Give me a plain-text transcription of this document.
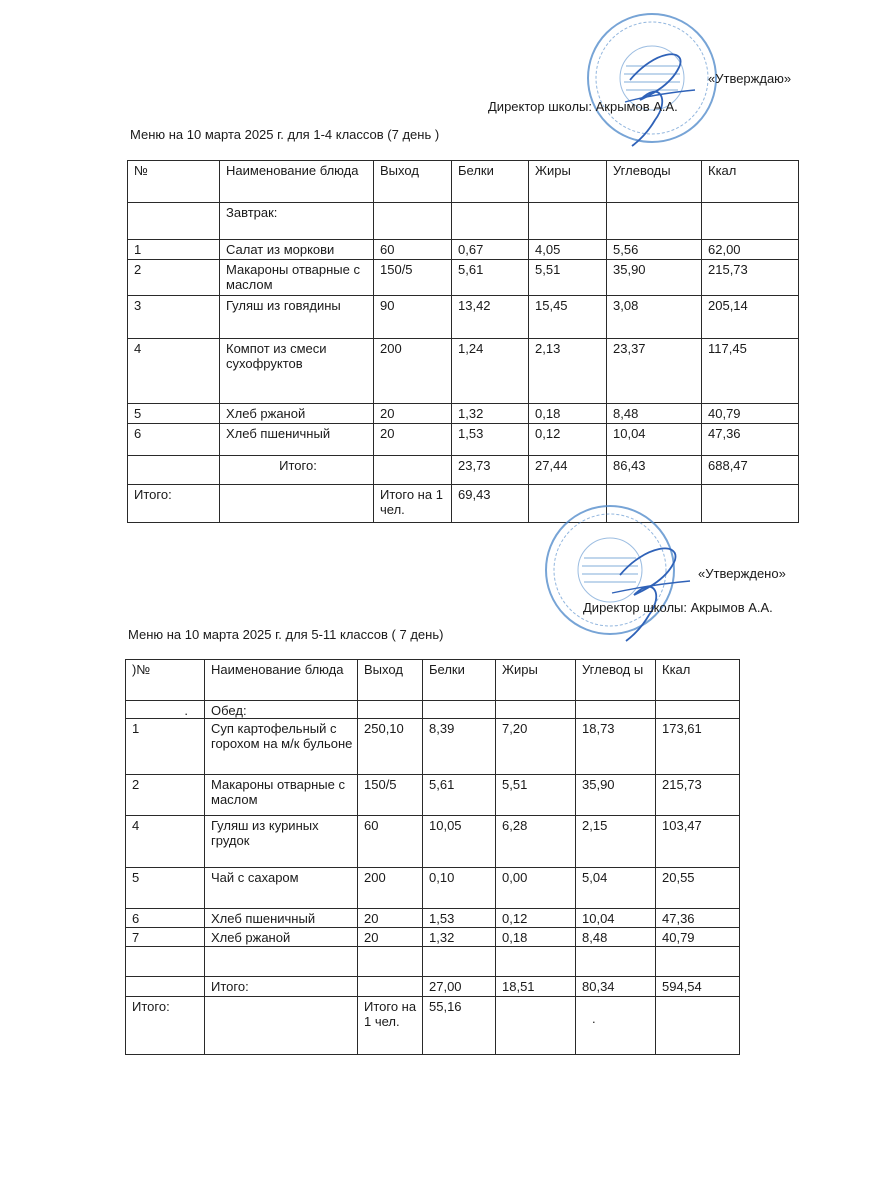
«Утверждаю»
Директор школы: Акрымов А.А.
Меню на 10 марта 2025 г. для 1-4 классов (7 день )
№	Наименование блюда	Выход	Белки	Жиры	Углеводы	Ккал
	Завтрак:					
1	Салат из моркови	60	0,67	4,05	5,56	62,00
2	Макароны отварные с маслом	150/5	5,61	5,51	35,90	215,73
3	Гуляш из говядины	90	13,42	15,45	3,08	205,14
4	Компот из смеси сухофруктов	200	1,24	2,13	23,37	117,45
5	Хлеб ржаной	20	1,32	0,18	8,48	40,79
6	Хлеб пшеничный	20	1,53	0,12	10,04	47,36
	Итого:		23,73	27,44	86,43	688,47
Итого:		Итого на 1 чел.	69,43			
«Утверждено»
Директор школы: Акрымов А.А.
Меню на 10 марта 2025 г. для 5-11 классов ( 7 день)
)№	Наименование блюда	Выход	Белки	Жиры	Углевод ы	Ккал
.	Обед:					
1	Суп картофельный с горохом на м/к бульоне	250,10	8,39	7,20	18,73	173,61
2	Макароны отварные с маслом	150/5	5,61	5,51	35,90	215,73
4	Гуляш из куриных грудок	60	10,05	6,28	2,15	103,47
5	Чай с сахаром	200	0,10	0,00	5,04	20,55
6	Хлеб пшеничный	20	1,53	0,12	10,04	47,36
7	Хлеб ржаной	20	1,32	0,18	8,48	40,79

	Итого:		27,00	18,51	80,34	594,54
Итого:		Итого на 1 чел.	55,16		.	
